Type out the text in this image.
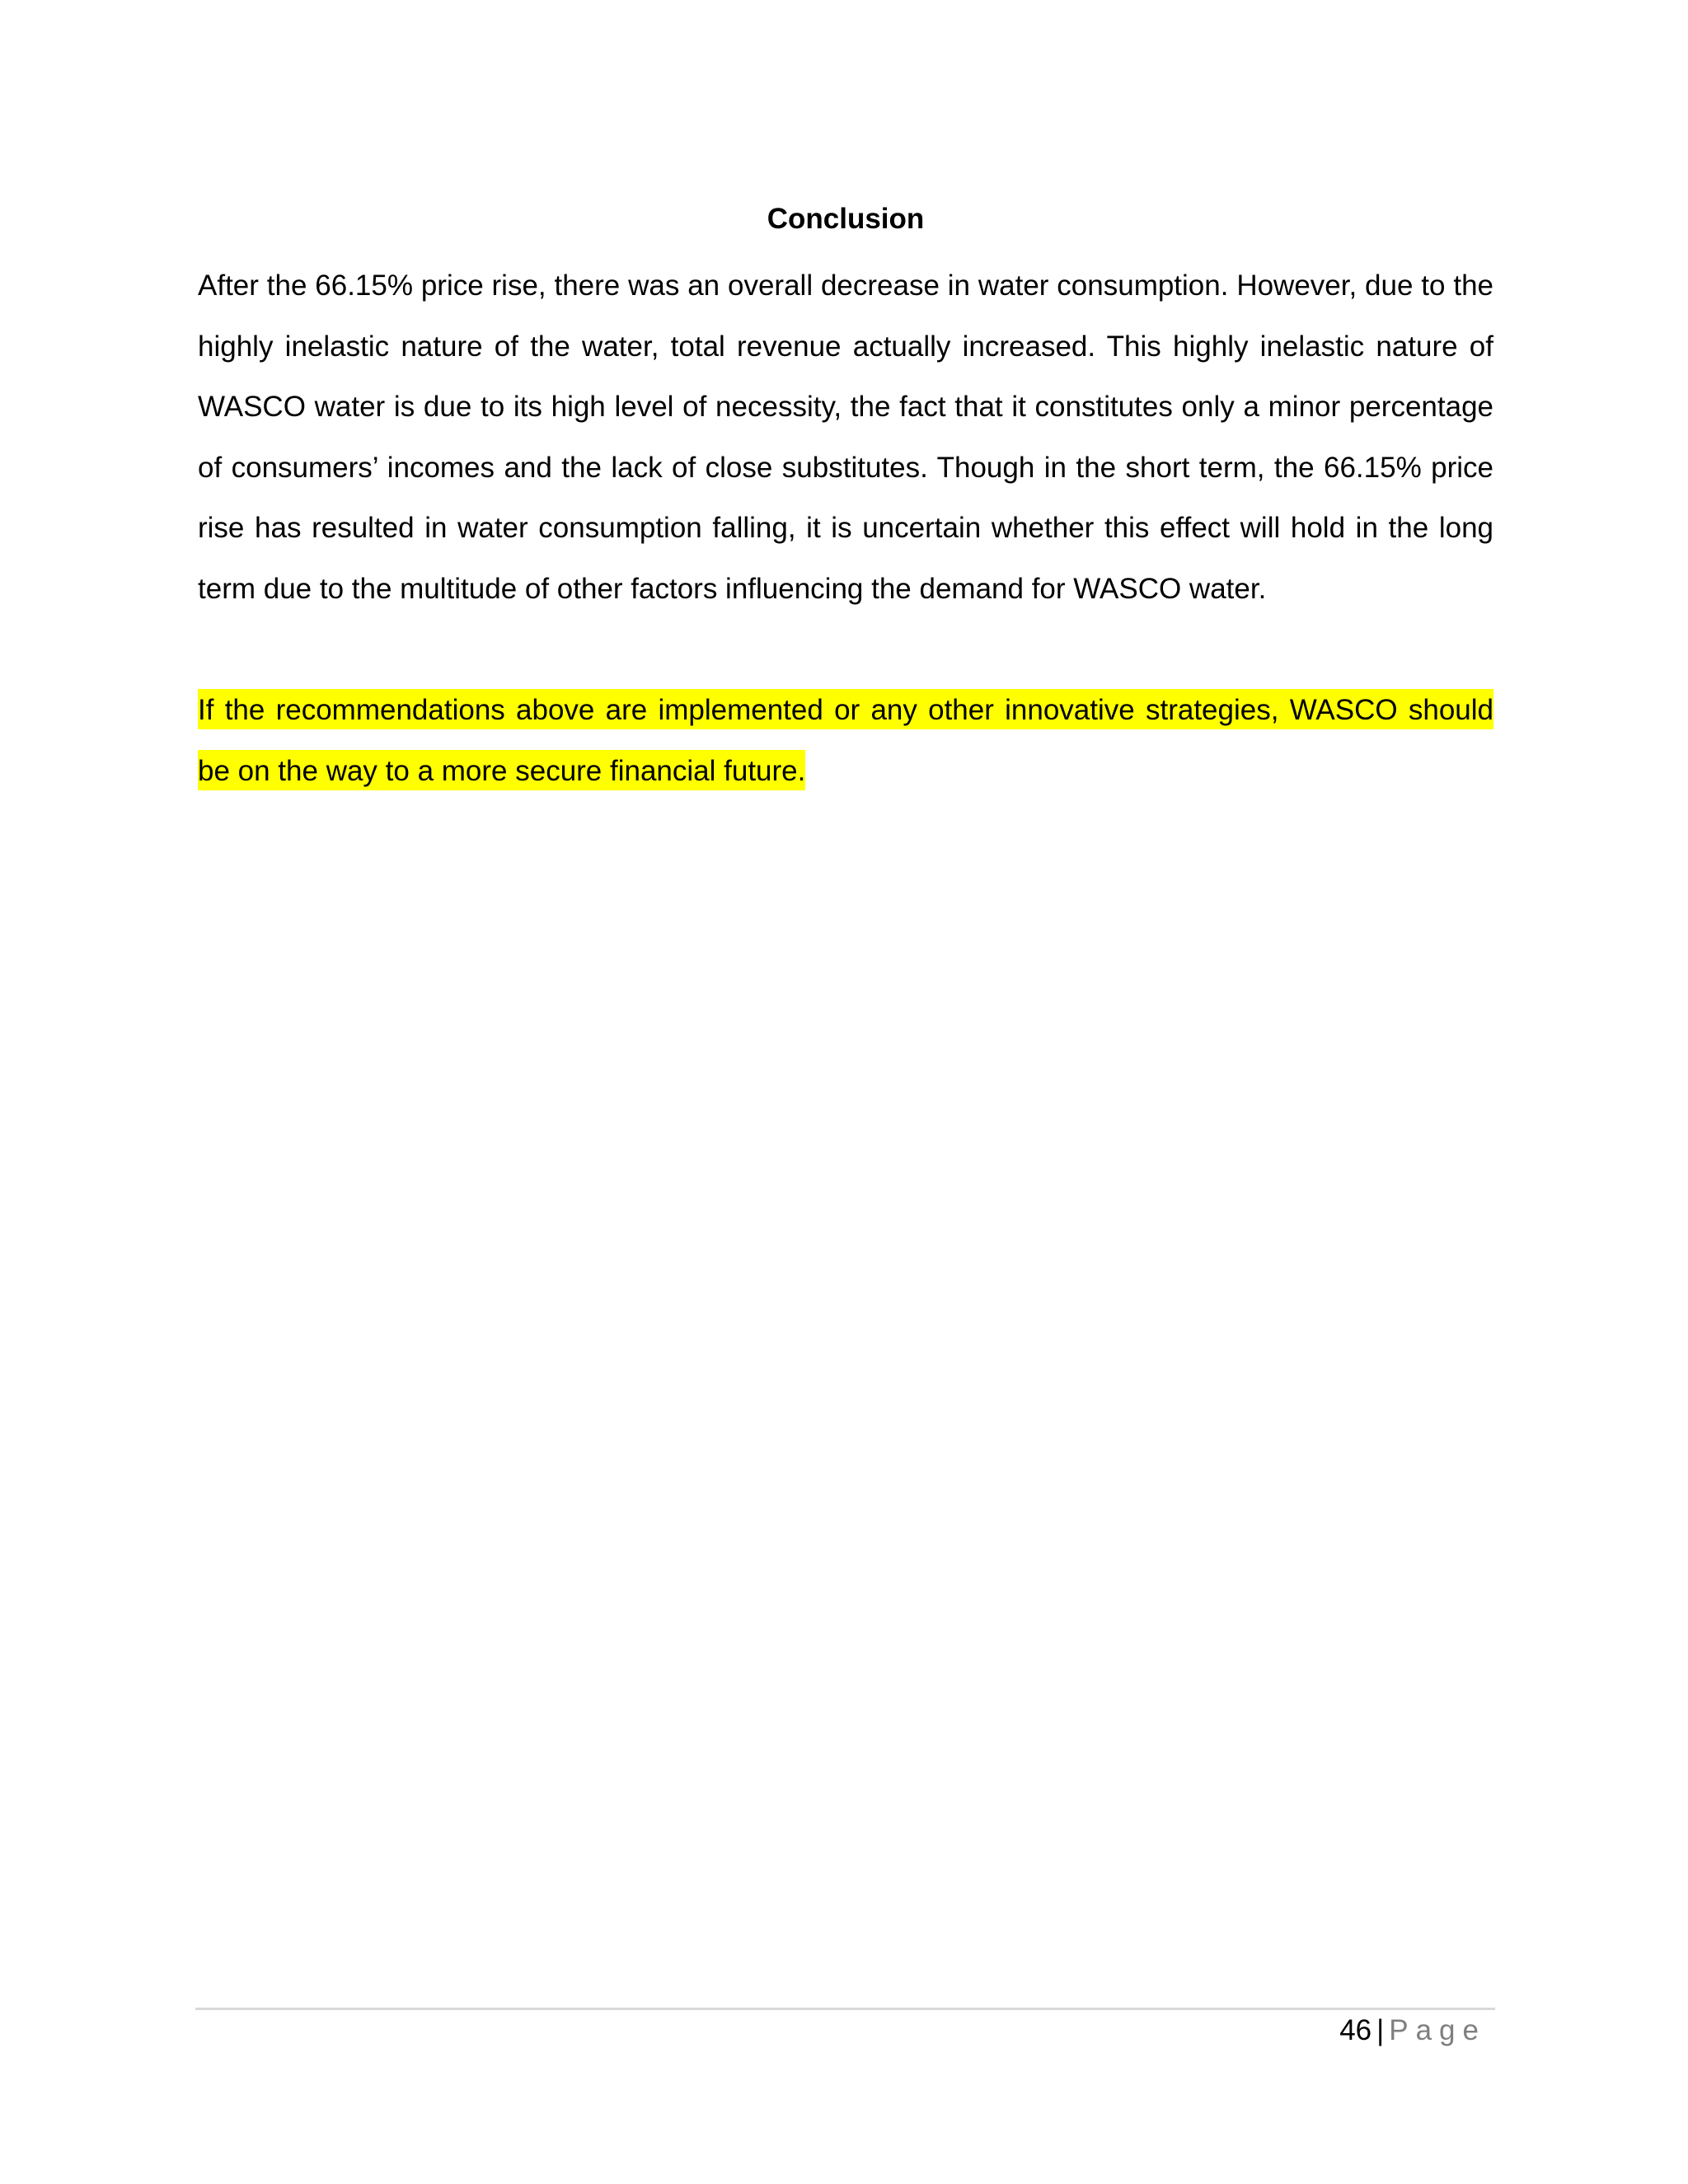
Conclusion

After the 66.15% price rise, there was an overall decrease in water consumption. However, due to the highly inelastic nature of the water, total revenue actually increased. This highly inelastic nature of WASCO water is due to its high level of necessity, the fact that it constitutes only a minor percentage of consumers’ incomes and the lack of close substitutes. Though in the short term, the 66.15% price rise has resulted in water consumption falling, it is uncertain whether this effect will hold in the long term due to the multitude of other factors influencing the demand for WASCO water.

If the recommendations above are implemented or any other innovative strategies, WASCO should be on the way to a more secure financial future.

46 | Page
